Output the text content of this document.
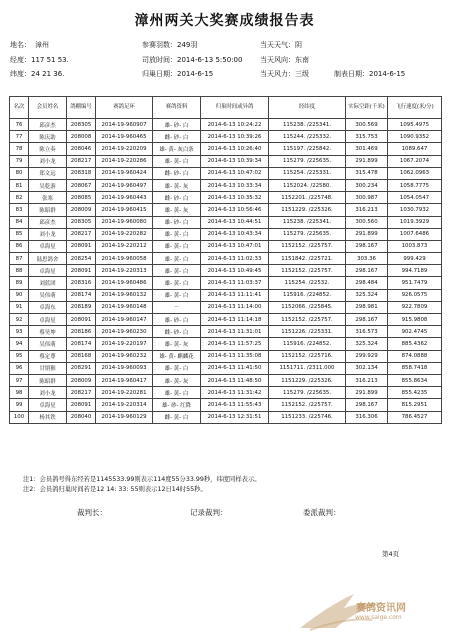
漳州两关大奖赛成绩报告表
地名： 漳州	参赛羽数：249羽	当天天气：阴
经度：117 51 53.	司放时间：2014-6-13 5:50:00	当天风向：东南
纬度：24 21 36.	归巢日期：2014-6-15	当天风力：三级	制表日期：2014-6-15
名次	会员姓名	鸽棚编号	赛鸽足环	赛鸽资料	归巢时间或异鸽	经纬度	实际空距(千米)	飞行速度(米/分)
76	邱彦杰	208305	2014-19-960907	雄- 砂- 白	2014-6-13 10:24:22	115238. /225341.	300.569	1095.4975
77	陈庆助	208008	2014-19-960465	雌- 砂- 白	2014-6-13 10:39:26	115244. /225332.	315.753	1090.9352
78	陈立奏	208046	2014-19-220209	雄- 黄- 灰白条	2014-6-13 10:26:40	115197. /225842.	301.469	1089.647
79	刘小龙	208217	2014-19-220286	雄- 黄- 白	2014-6-13 10:39:34	115279. /225635.	291.899	1067.2074
80	郑文远	208318	2014-19-960424	雌- 砂- 白	2014-6-13 10:47:02	115254. /225331.	315.478	1062.0963
81	吴乾游	208067	2014-19-960497	雄- 黄- 灰	2014-6-13 10:33:34	1152024. /22580.	300.234	1058.7775
82	张寒	208085	2014-19-960443	雌- 砂- 白	2014-6-13 10:35:32	1152201. /225748.	300.987	1054.0547
83	陈昭群	208009	2014-19-960415	雄- 黄- 灰	2014-6-13 10:56:46	1151229. /225326.	316.213	1030.7932
84	邱彦杰	208305	2014-19-960080	雄- 砂- 白	2014-6-13 10:44:51	115238. /225341.	300.560	1019.3929
85	刘小龙	208217	2014-19-220282	雄- 黄- 白	2014-6-13 10:43:34	115279. /225635.	291.899	1007.6486
86	卓海星	208091	2014-19-220212	雄- 黄- 白	2014-6-13 10:47:01	1152152. /225757.	298.167	1003.873
87	陆思鸽舍	208254	2014-19-960058	雄- 黄- 白	2014-6-13 11:02:33	1151842. /225721.	303.36	999.429
88	卓海星	208091	2014-19-220313	雄- 黄- 白	2014-6-13 10:49:45	1152152. /225757.	298.167	994.7189
89	刘蓝团	208316	2014-19-960486	雄- 黄- 白	2014-6-13 11:03:37	115254. /22532.	298.484	951.7479
90	吴伟萌	208174	2014-19-960132	雄- 黄- 白	2014-6-13 11:11:41	115916. /224852.	325.324	926.0575
91	卓海东	208189	2014-19-960148	－	2014-6-13 11:14:00	1152066. /225845.	298.981	922.7809
92	卓海星	208091	2014-19-960147	雄- 砂- 白	2014-6-13 11:14:18	1152152. /225757.	298.167	915.9808
93	蔡昊坤	208186	2014-19-960230	雌- 砂- 白	2014-6-13 11:31:01	1151226. /225331.	316.573	902.4745
94	吴伟萌	208174	2014-19-220197	雄- 黄- 灰	2014-6-13 11:57:25	115916. /224852.	325.324	885.4362
95	蔡定尊	208168	2014-19-960232	雄- 黄- 麒麟花	2014-6-13 11:35:08	1152152. /225716.	299.929	874.0888
96	甘朋猴	208291	2014-19-960093	雄- 黄- 白	2014-6-13 11:41:50	1151711. /2311.000	302.134	858.7418
97	陈昭群	208009	2014-19-960417	雄- 黄- 灰	2014-6-13 11:48:50	1151229. /225326.	316.213	855.8634
98	刘小龙	208217	2014-19-220281	雄- 黄- 白	2014-6-13 11:31:42	115279. /225635.	291.899	855.4235
99	卓海星	208091	2014-19-220314	雄- 砂- 红降	2014-6-13 11:55:43	1152152. /225757.	298.167	815.2951
100	杨其铁	208040	2014-19-960129	雌- 黄- 白	2014-6-13 12:31:51	1151233. /225746.	316.306	786.4527
注1：会员鸽号得东经若是1145533.99则表示114度55分33.99秒，纬度同样表示。
注2：会员鸽归巢时间若是12 14: 33: 55则表示12日14时55秒。
裁判长：	记录裁判：	委派裁判：
第4页
赛鸽资讯网
www.saige.com
